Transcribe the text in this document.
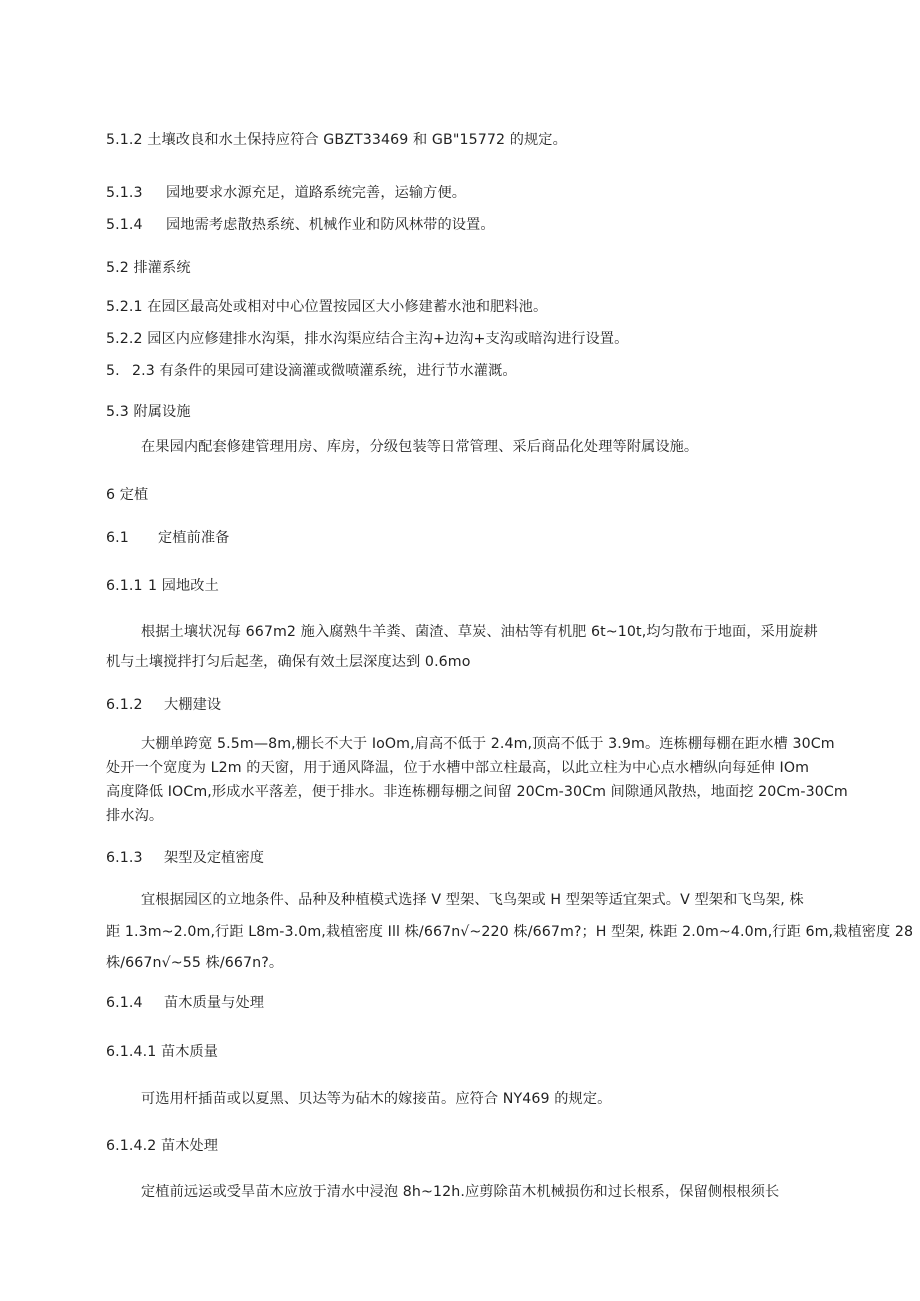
5.1.2 土壤改良和水土保持应符合 GBZT33469 和 GB"15772 的规定。

5.1.3 园地要求水源充足，道路系统完善，运输方便。

5.1.4 园地需考虑散热系统、机械作业和防风林带的设置。

5.2 排灌系统

5.2.1 在园区最高处或相对中心位置按园区大小修建蓄水池和肥料池。

5.2.2 园区内应修建排水沟渠，排水沟渠应结合主沟+边沟+支沟或暗沟进行设置。

5. 2.3 有条件的果园可建设滴灌或微喷灌系统，进行节水灌溉。

5.3 附属设施

在果园内配套修建管理用房、库房，分级包装等日常管理、采后商品化处理等附属设施。

6 定植

6.1 定植前准备

6.1.1 1 园地改土

根据土壤状况每 667m2 施入腐熟牛羊粪、菌渣、草炭、油枯等有机肥 6t~10t,均匀散布于地面，采用旋耕

机与土壤搅拌打匀后起垄，确保有效土层深度达到 0.6mo

6.1.2 大棚建设

大棚单跨宽 5.5m—8m,棚长不大于 IoOm,肩高不低于 2.4m,顶高不低于 3.9m。连栋棚每棚在距水槽 30Cm

处开一个宽度为 L2m 的天窗，用于通风降温，位于水槽中部立柱最高，以此立柱为中心点水槽纵向每延伸 IOm

高度降低 IOCm,形成水平落差，便于排水。非连栋棚每棚之间留 20Cm-30Cm 间隙通风散热，地面挖 20Cm-30Cm

排水沟。

6.1.3 架型及定植密度

宜根据园区的立地条件、品种及种植模式选择 V 型架、飞鸟架或 H 型架等适宜架式。V 型架和飞鸟架, 株

距 1.3m~2.0m,行距 L8m-3.0m,栽植密度 Ill 株/667n√~220 株/667m?；H 型架, 株距 2.0m~4.0m,行距 6m,栽植密度 28

株/667n√~55 株/667n?。

6.1.4 苗木质量与处理

6.1.4.1 苗木质量

可选用杆插苗或以夏黑、贝达等为砧木的嫁接苗。应符合 NY469 的规定。

6.1.4.2 苗木处理

定植前远运或受旱苗木应放于清水中浸泡 8h~12h.应剪除苗木机械损伤和过长根系，保留侧根根须长
